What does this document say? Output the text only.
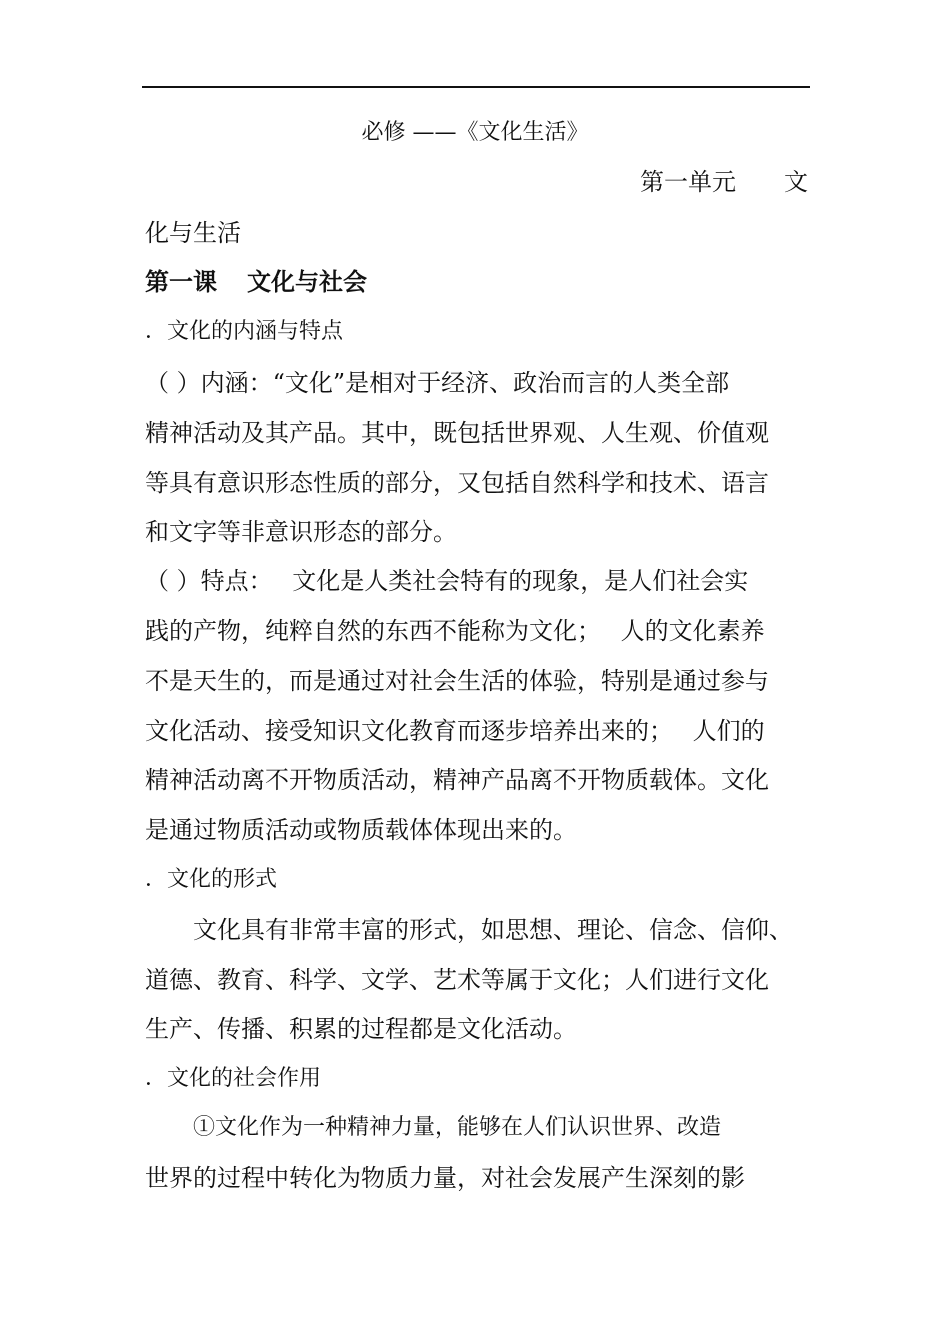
必修 ——《文化生活》
第一单元　　文
化与生活
第一课 文化与社会
．文化的内涵与特点
（ ）内涵：“文化”是相对于经济、政治而言的人类全部
精神活动及其产品。其中，既包括世界观、人生观、价值观
等具有意识形态性质的部分，又包括自然科学和技术、语言
和文字等非意识形态的部分。
（ ）特点：　 文化是人类社会特有的现象，是人们社会实
践的产物，纯粹自然的东西不能称为文化；　 人的文化素养
不是天生的，而是通过对社会生活的体验，特别是通过参与
文化活动、接受知识文化教育而逐步培养出来的；　 人们的
精神活动离不开物质活动，精神产品离不开物质载体。文化
是通过物质活动或物质载体体现出来的。
．文化的形式
文化具有非常丰富的形式，如思想、理论、信念、信仰、
道德、教育、科学、文学、艺术等属于文化；人们进行文化
生产、传播、积累的过程都是文化活动。
．文化的社会作用
①文化作为一种精神力量，能够在人们认识世界、改造
世界的过程中转化为物质力量，对社会发展产生深刻的影
